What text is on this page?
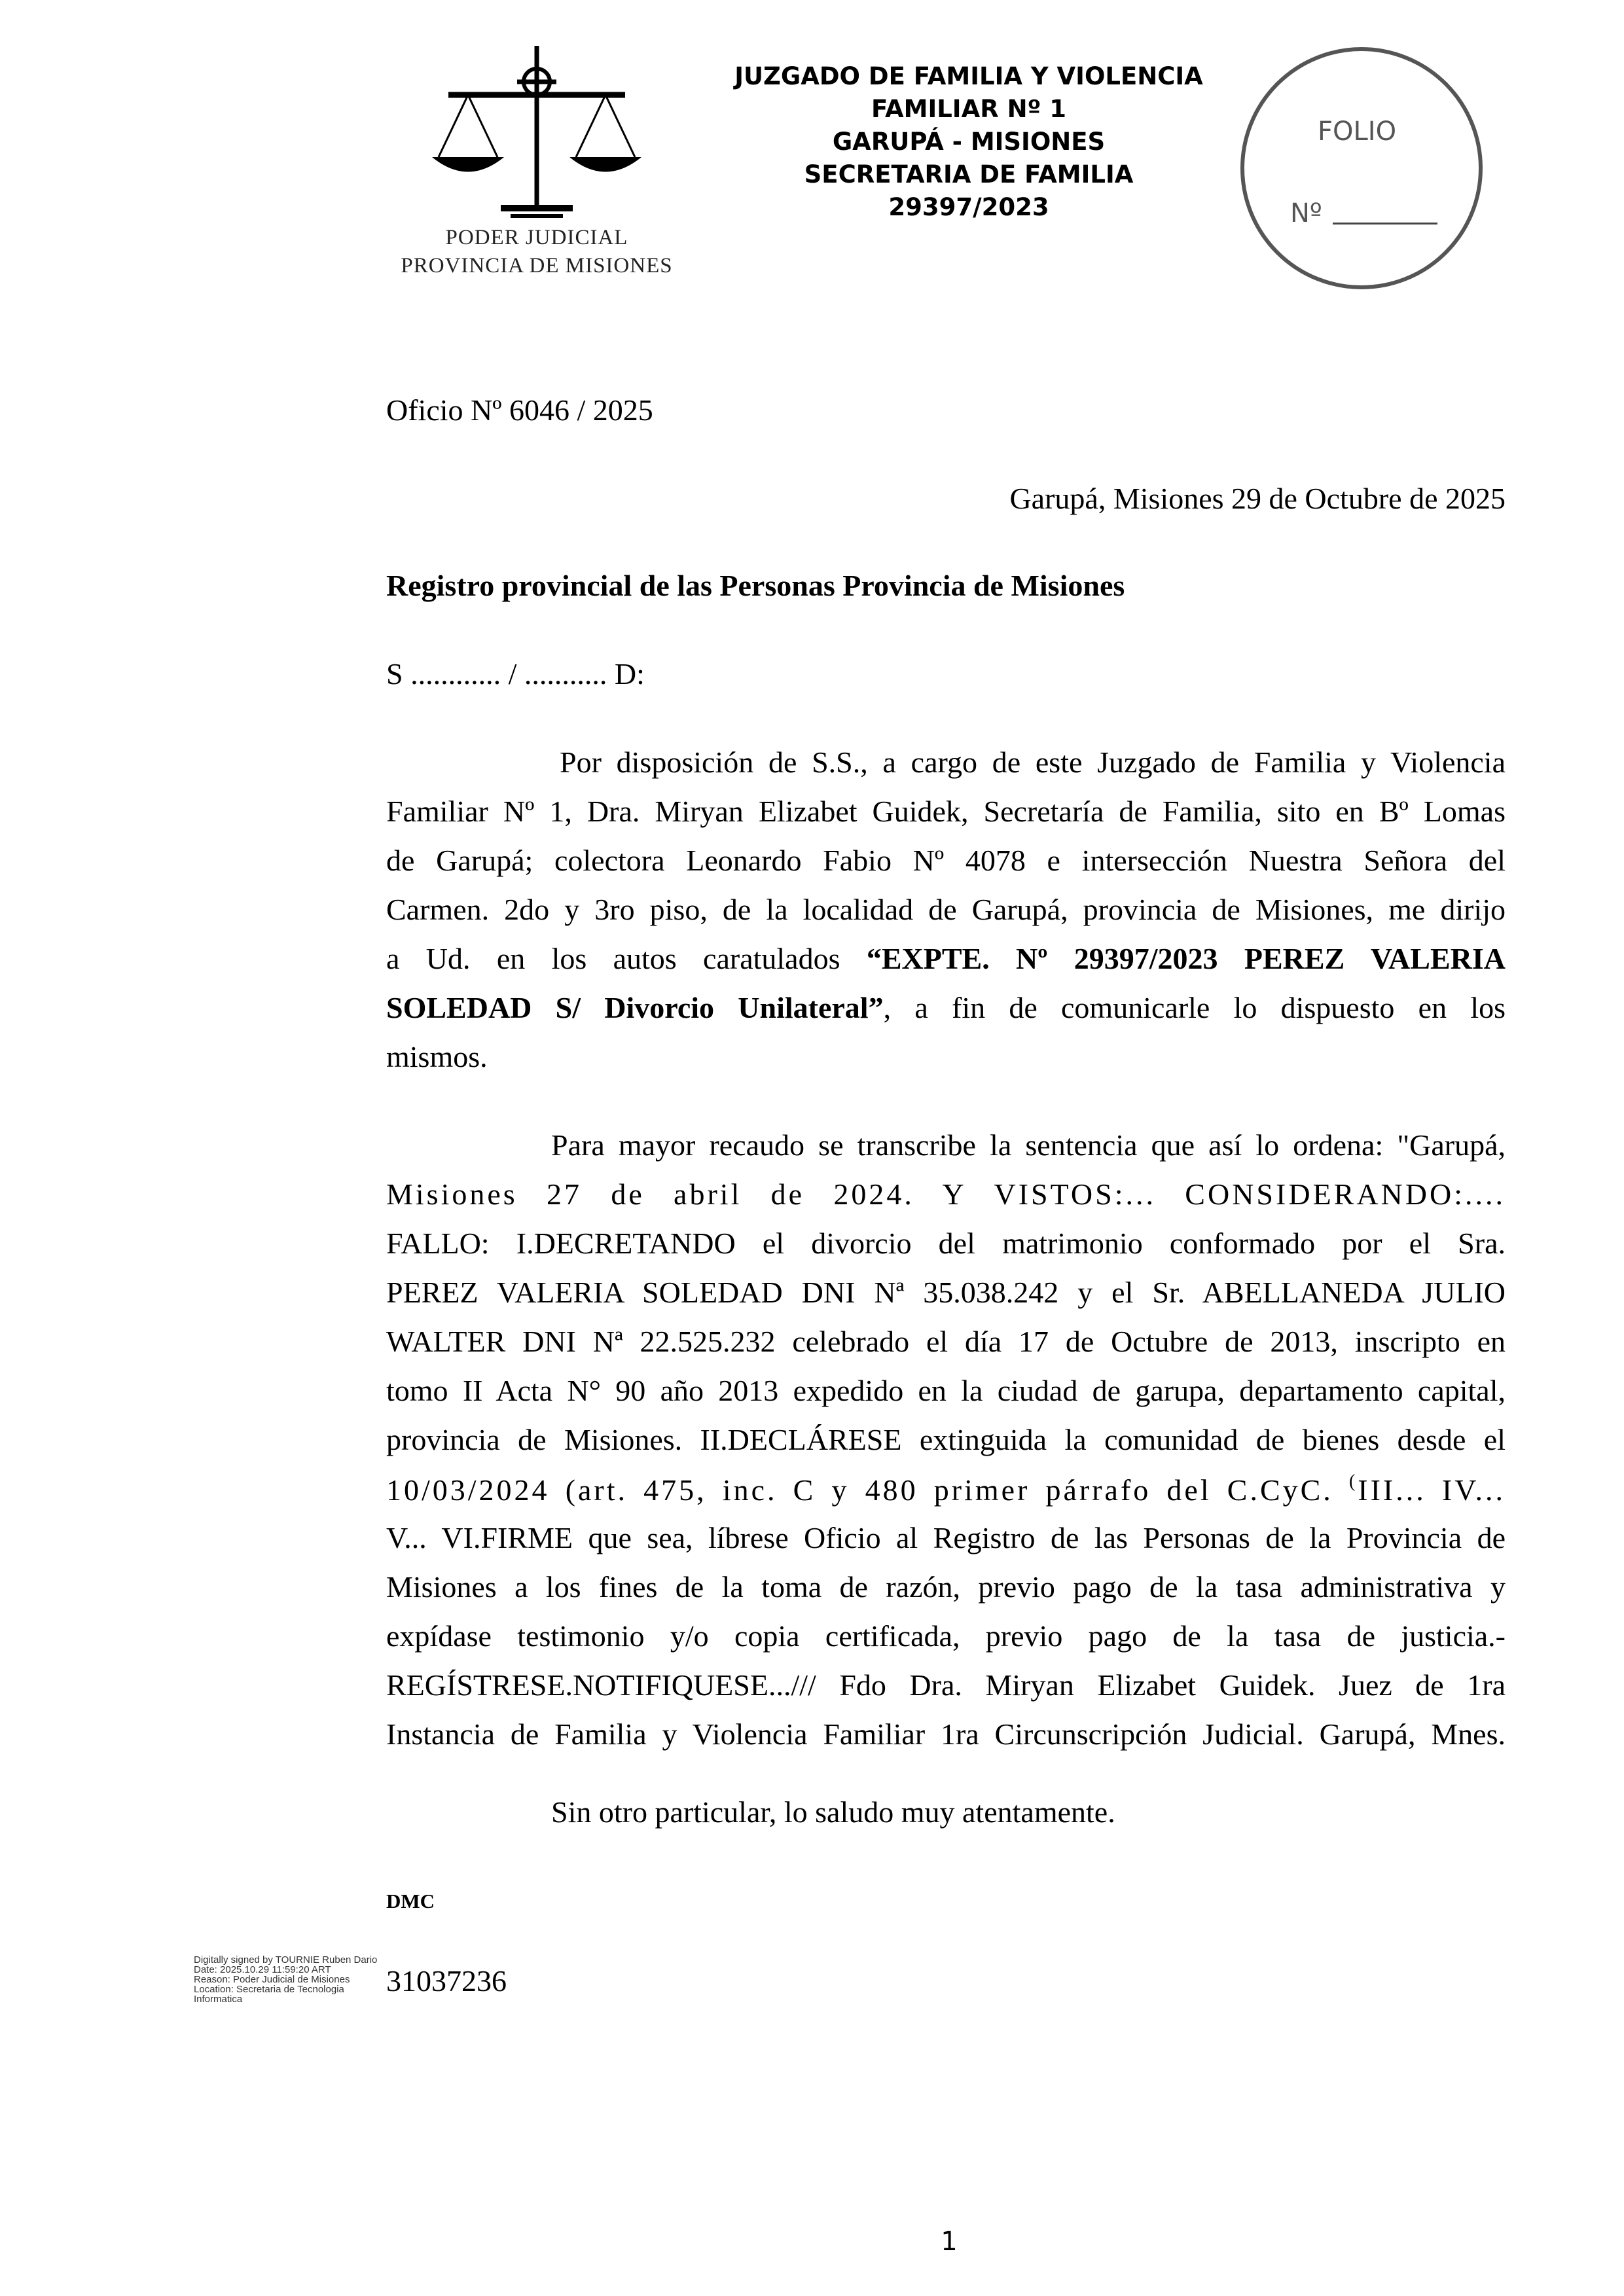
PODER JUDICIAL
PROVINCIA DE MISIONES
JUZGADO DE FAMILIA Y VIOLENCIA
FAMILIAR Nº 1
GARUPÁ - MISIONES
SECRETARIA DE FAMILIA
29397/2023
FOLIO
Nº
Oficio Nº 6046 / 2025
Garupá, Misiones 29 de Octubre de 2025
Registro provincial de las Personas Provincia de Misiones
S ............ / ........... D:
Por disposición de S.S., a cargo de este Juzgado de Familia y Violencia
Familiar Nº 1, Dra. Miryan Elizabet Guidek, Secretaría de Familia, sito en Bº Lomas
de Garupá; colectora Leonardo Fabio Nº 4078 e intersección Nuestra Señora del
Carmen. 2do y 3ro piso, de la localidad de Garupá, provincia de Misiones, me dirijo
a Ud. en los autos caratulados “EXPTE. Nº 29397/2023 PEREZ VALERIA
SOLEDAD S/ Divorcio Unilateral”, a fin de comunicarle lo dispuesto en los
mismos.
Para mayor recaudo se transcribe la sentencia que así lo ordena: "Garupá,
Misiones 27 de abril de 2024. Y VISTOS:... CONSIDERANDO:....
FALLO: I.DECRETANDO el divorcio del matrimonio conformado por el Sra.
PEREZ VALERIA SOLEDAD DNI Nª 35.038.242 y el Sr. ABELLANEDA JULIO
WALTER DNI Nª 22.525.232 celebrado el día 17 de Octubre de 2013, inscripto en
tomo II Acta N° 90 año 2013 expedido en la ciudad de garupa, departamento capital,
provincia de Misiones. II.DECLÁRESE extinguida la comunidad de bienes desde el
10/03/2024 (art. 475, inc. C y 480 primer párrafo del C.CyC. (III... IV...
V... VI.FIRME que sea, líbrese Oficio al Registro de las Personas de la Provincia de
Misiones a los fines de la toma de razón, previo pago de la tasa administrativa y
expídase testimonio y/o copia certificada, previo pago de la tasa de justicia.-
REGÍSTRESE.NOTIFIQUESE.../// Fdo Dra. Miryan Elizabet Guidek. Juez de 1ra
Instancia de Familia y Violencia Familiar 1ra Circunscripción Judicial. Garupá, Mnes.
Sin otro particular, lo saludo muy atentamente.
DMC
Digitally signed by TOURNIE Ruben Dario
Date: 2025.10.29 11:59:20 ART
Reason: Poder Judicial de Misiones
Location: Secretaria de Tecnologia
Informatica
31037236
1
